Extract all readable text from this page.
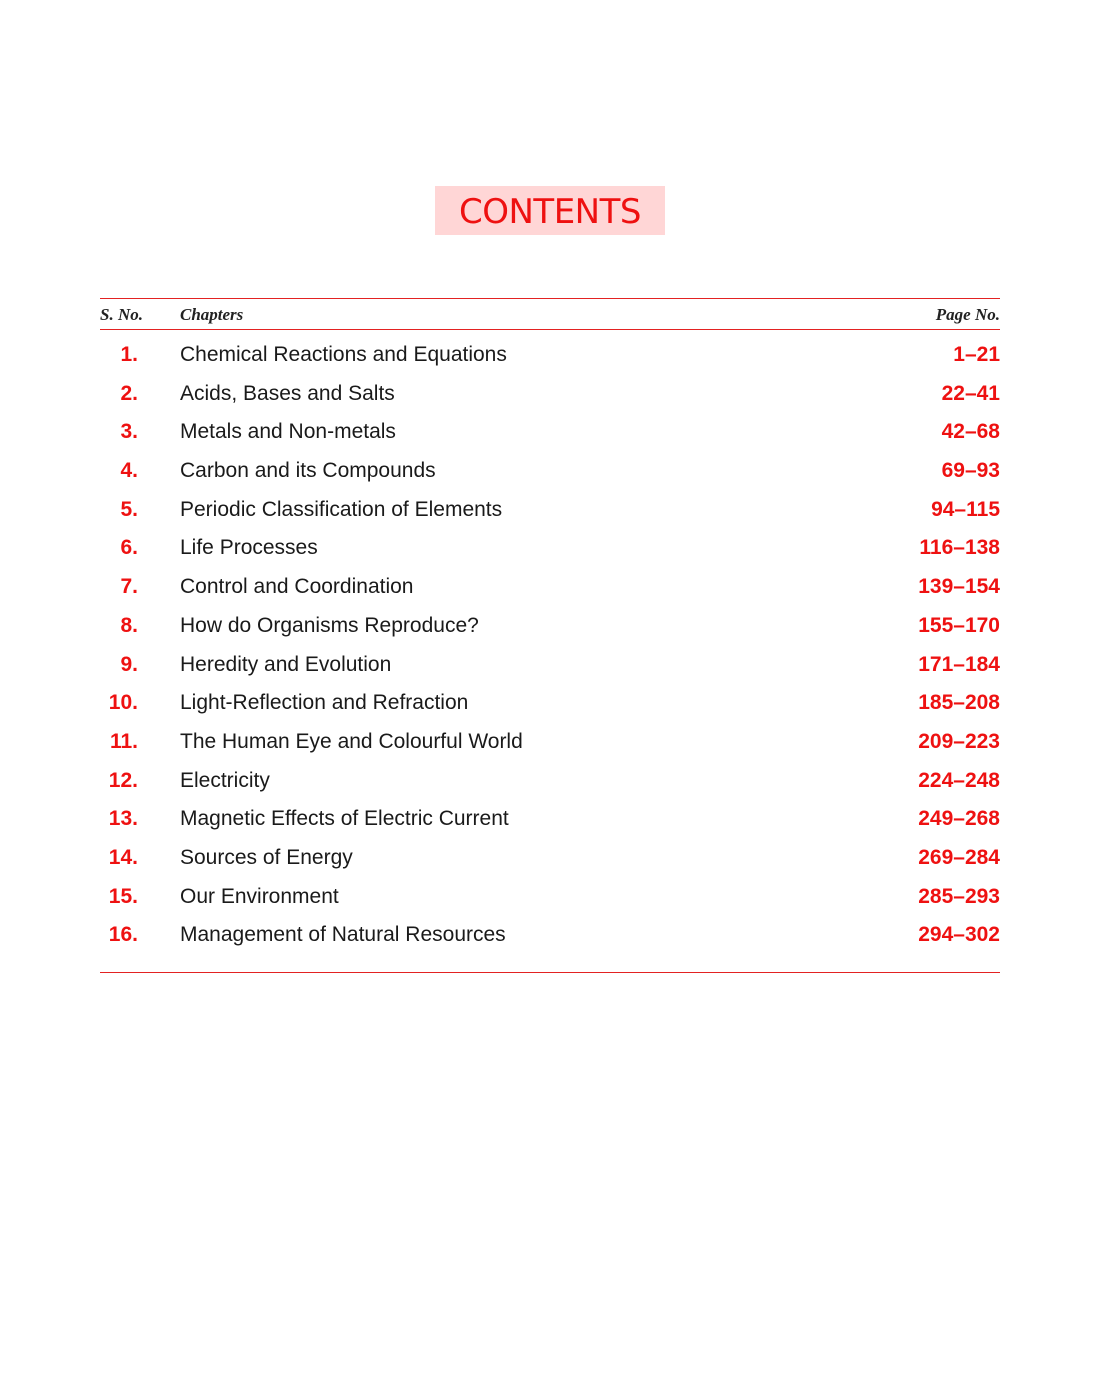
CONTENTS
S. No. Chapters	Page No.
1. Chemical Reactions and Equations	1–21
2. Acids, Bases and Salts	22–41
3. Metals and Non-metals	42–68
4. Carbon and its Compounds	69–93
5. Periodic Classification of Elements	94–115
6. Life Processes	116–138
7. Control and Coordination	139–154
8. How do Organisms Reproduce?	155–170
9. Heredity and Evolution	171–184
10. Light-Reflection and Refraction	185–208
11. The Human Eye and Colourful World	209–223
12. Electricity	224–248
13. Magnetic Effects of Electric Current	249–268
14. Sources of Energy	269–284
15. Our Environment	285–293
16. Management of Natural Resources	294–302
